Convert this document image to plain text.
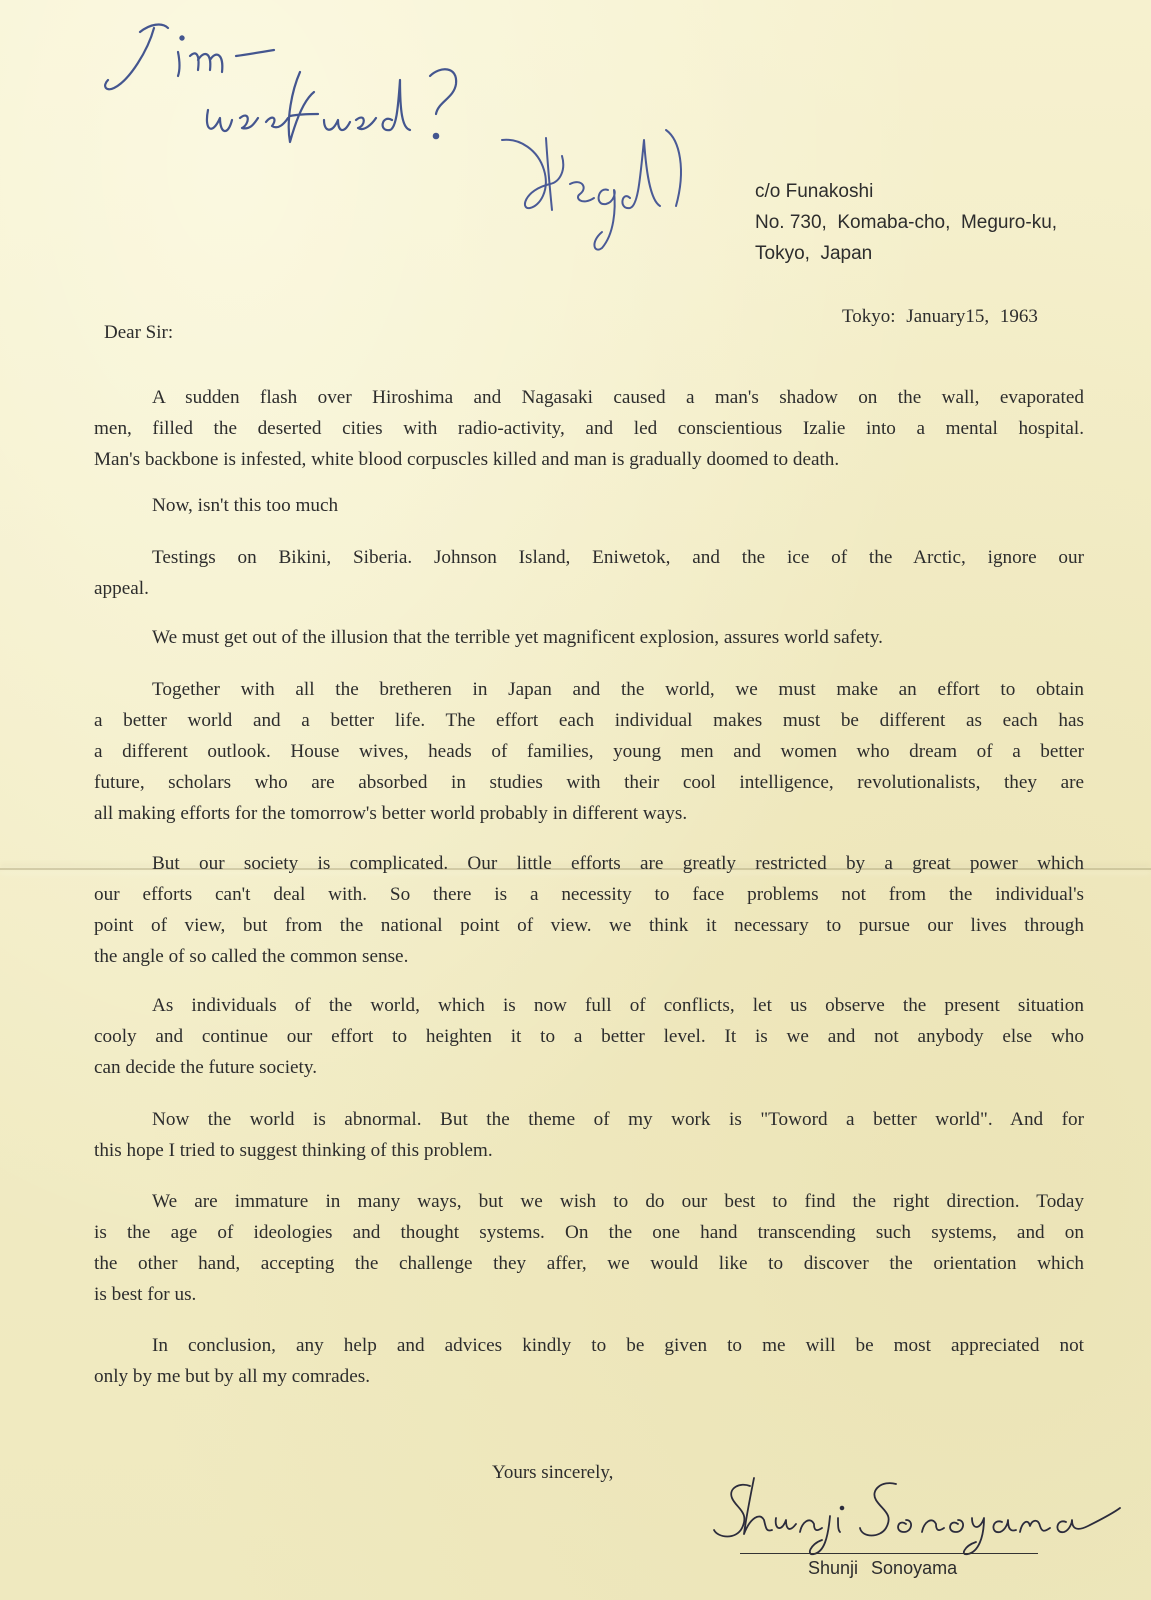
c/o Funakoshi
No. 730,  Komaba-cho,  Meguro-ku,
Tokyo,  Japan
Tokyo: January15, 1963
Dear Sir:
A sudden flash over Hiroshima and Nagasaki caused a man's shadow on the wall, evaporated
men, filled the deserted cities with radio-activity, and led conscientious Izalie into a mental hospital.
Man's backbone is infested, white blood corpuscles killed and man is gradually doomed to death.
Now, isn't this too much
Testings on Bikini, Siberia. Johnson Island, Eniwetok, and the ice of the Arctic, ignore our
appeal.
We must get out of the illusion that the terrible yet magnificent explosion, assures world safety.
Together with all the bretheren in Japan and the world, we must make an effort to obtain
a better world and a better life. The effort each individual makes must be different as each has
a different outlook. House wives, heads of families, young men and women who dream of a better
future, scholars who are absorbed in studies with their cool intelligence, revolutionalists, they are
all making efforts for the tomorrow's better world probably in different ways.
But our society is complicated. Our little efforts are greatly restricted by a great power which
our efforts can't deal with. So there is a necessity to face problems not from the individual's
point of view, but from the national point of view. we think it necessary to pursue our lives through
the angle of so called the common sense.
As individuals of the world, which is now full of conflicts, let us observe the present situation
cooly and continue our effort to heighten it to a better level. It is we and not anybody else who
can decide the future society.
Now the world is abnormal. But the theme of my work is "Toword a better world". And for
this hope I tried to suggest thinking of this problem.
We are immature in many ways, but we wish to do our best to find the right direction. Today
is the age of ideologies and thought systems. On the one hand transcending such systems, and on
the other hand, accepting the challenge they affer, we would like to discover the orientation which
is best for us.
In conclusion, any help and advices kindly to be given to me will be most appreciated not
only by me but by all my comrades.
Yours sincerely,
Shunji Sonoyama
